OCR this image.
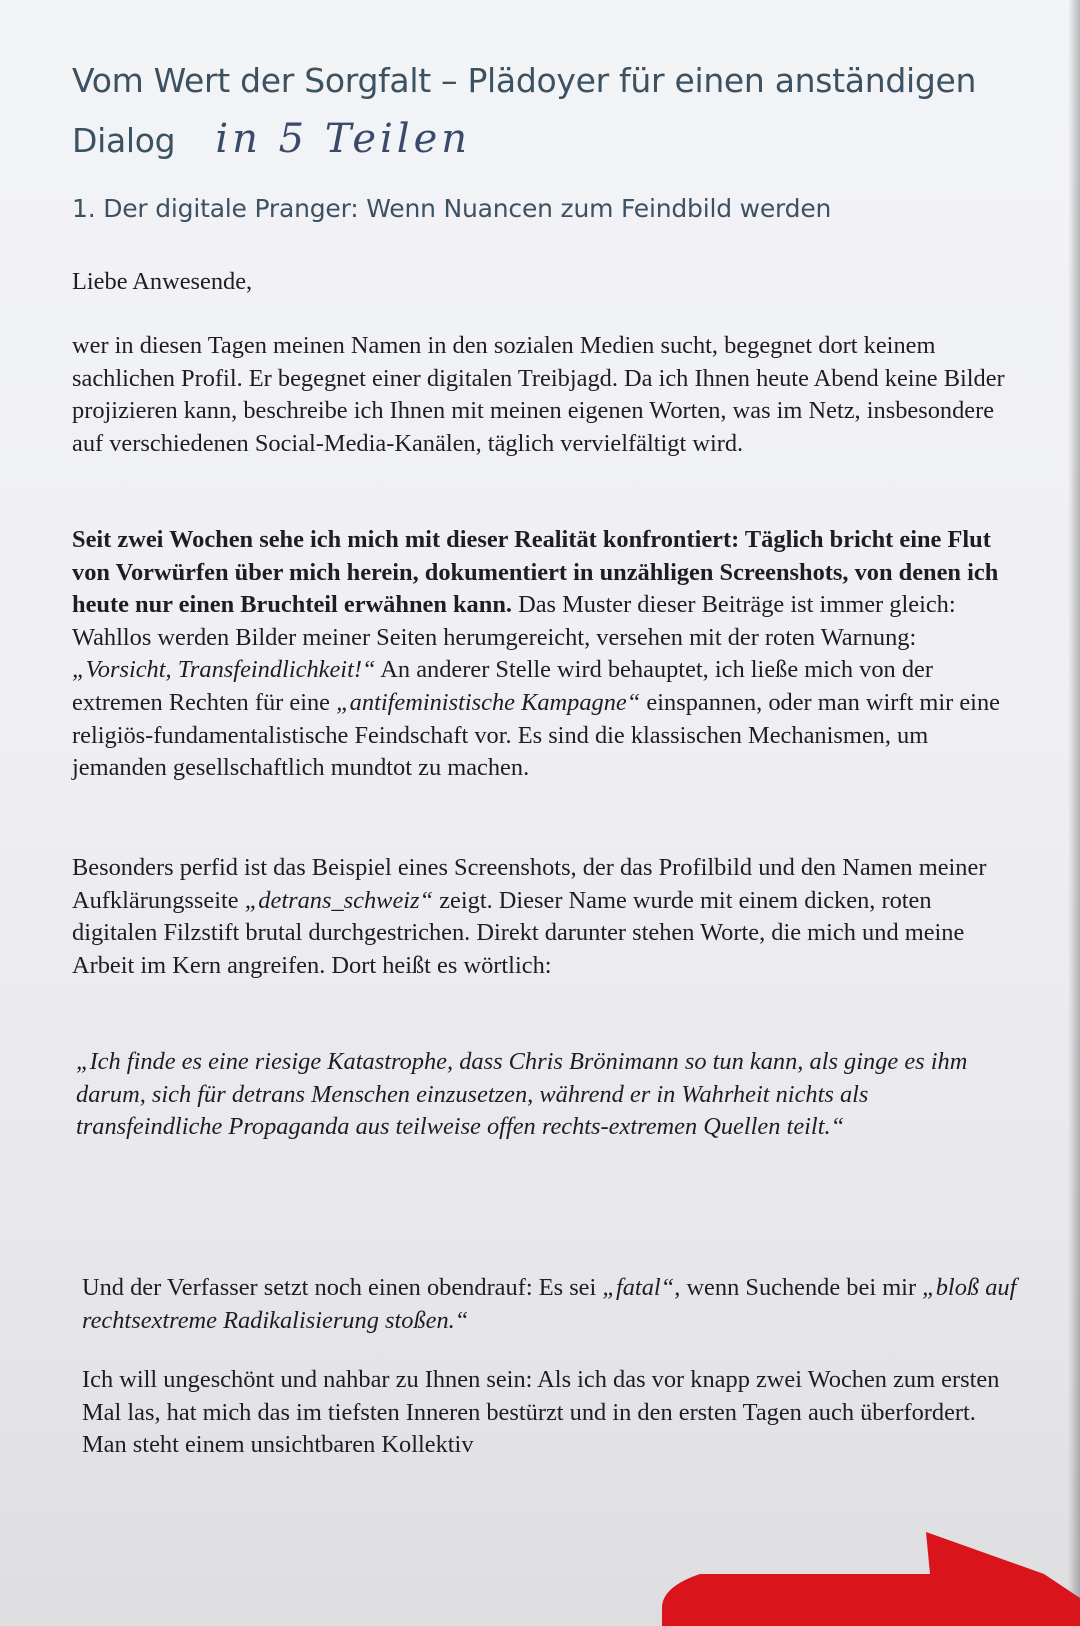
Vom Wert der Sorgfalt – Plädoyer für einen anständigen Dialog in 5 Teilen
1. Der digitale Pranger: Wenn Nuancen zum Feindbild werden

Liebe Anwesende,

wer in diesen Tagen meinen Namen in den sozialen Medien sucht, begegnet dort keinem sachlichen Profil. Er begegnet einer digitalen Treibjagd. Da ich Ihnen heute Abend keine Bilder projizieren kann, beschreibe ich Ihnen mit meinen eigenen Worten, was im Netz, insbesondere auf verschiedenen Social-Media-Kanälen, täglich vervielfältigt wird.

Seit zwei Wochen sehe ich mich mit dieser Realität konfrontiert: Täglich bricht eine Flut von Vorwürfen über mich herein, dokumentiert in unzähligen Screenshots, von denen ich heute nur einen Bruchteil erwähnen kann. Das Muster dieser Beiträge ist immer gleich: Wahllos werden Bilder meiner Seiten herumgereicht, versehen mit der roten Warnung: „Vorsicht, Transfeindlichkeit!“ An anderer Stelle wird behauptet, ich ließe mich von der extremen Rechten für eine „antifeministische Kampagne“ einspannen, oder man wirft mir eine religiös-fundamentalistische Feindschaft vor. Es sind die klassischen Mechanismen, um jemanden gesellschaftlich mundtot zu machen.

Besonders perfid ist das Beispiel eines Screenshots, der das Profilbild und den Namen meiner Aufklärungsseite „detrans_schweiz“ zeigt. Dieser Name wurde mit einem dicken, roten digitalen Filzstift brutal durchgestrichen. Direkt darunter stehen Worte, die mich und meine Arbeit im Kern angreifen. Dort heißt es wörtlich:

„Ich finde es eine riesige Katastrophe, dass Chris Brönimann so tun kann, als ginge es ihm darum, sich für detrans Menschen einzusetzen, während er in Wahrheit nichts als transfeindliche Propaganda aus teilweise offen rechts-extremen Quellen teilt.“

Und der Verfasser setzt noch einen obendrauf: Es sei „fatal“, wenn Suchende bei mir „bloß auf rechtsextreme Radikalisierung stoßen.“

Ich will ungeschönt und nahbar zu Ihnen sein: Als ich das vor knapp zwei Wochen zum ersten Mal las, hat mich das im tiefsten Inneren bestürzt und in den ersten Tagen auch überfordert. Man steht einem unsichtbaren Kollektiv
